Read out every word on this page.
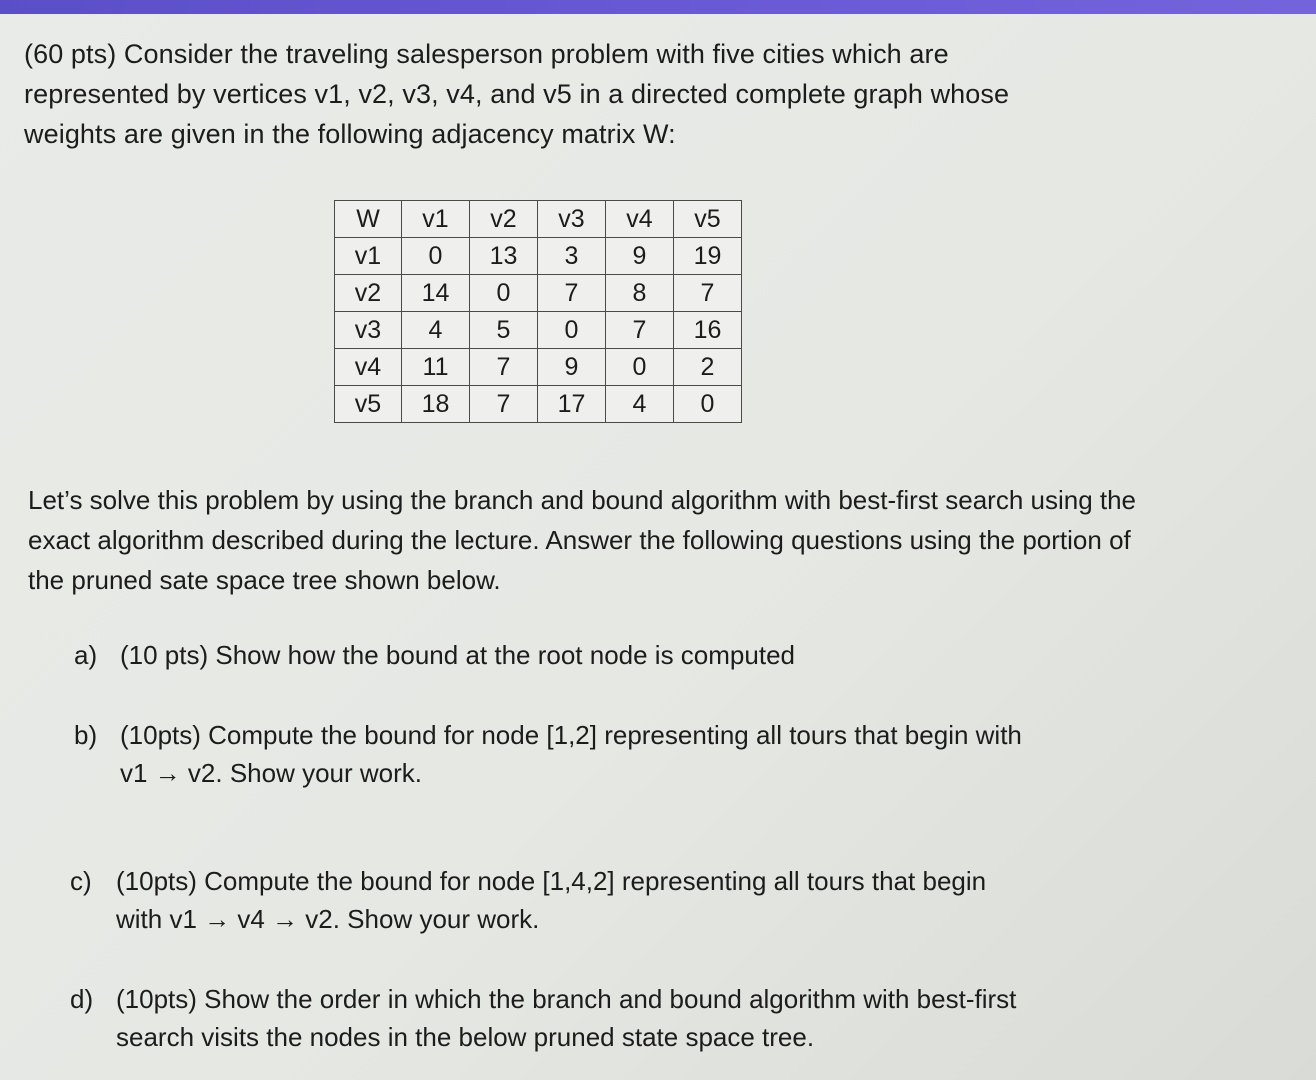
(60 pts) Consider the traveling salesperson problem with five cities which are represented by vertices v1, v2, v3, v4, and v5 in a directed complete graph whose weights are given in the following adjacency matrix W:

W	v1	v2	v3	v4	v5
v1	0	13	3	9	19
v2	14	0	7	8	7
v3	4	5	0	7	16
v4	11	7	9	0	2
v5	18	7	17	4	0

Let’s solve this problem by using the branch and bound algorithm with best-first search using the exact algorithm described during the lecture. Answer the following questions using the portion of the pruned sate space tree shown below.

a) (10 pts) Show how the bound at the root node is computed

b) (10pts) Compute the bound for node [1,2] representing all tours that begin with
v1 → v2. Show your work.

c) (10pts) Compute the bound for node [1,4,2] representing all tours that begin
with v1 → v4 → v2. Show your work.

d) (10pts) Show the order in which the branch and bound algorithm with best-first
search visits the nodes in the below pruned state space tree.
